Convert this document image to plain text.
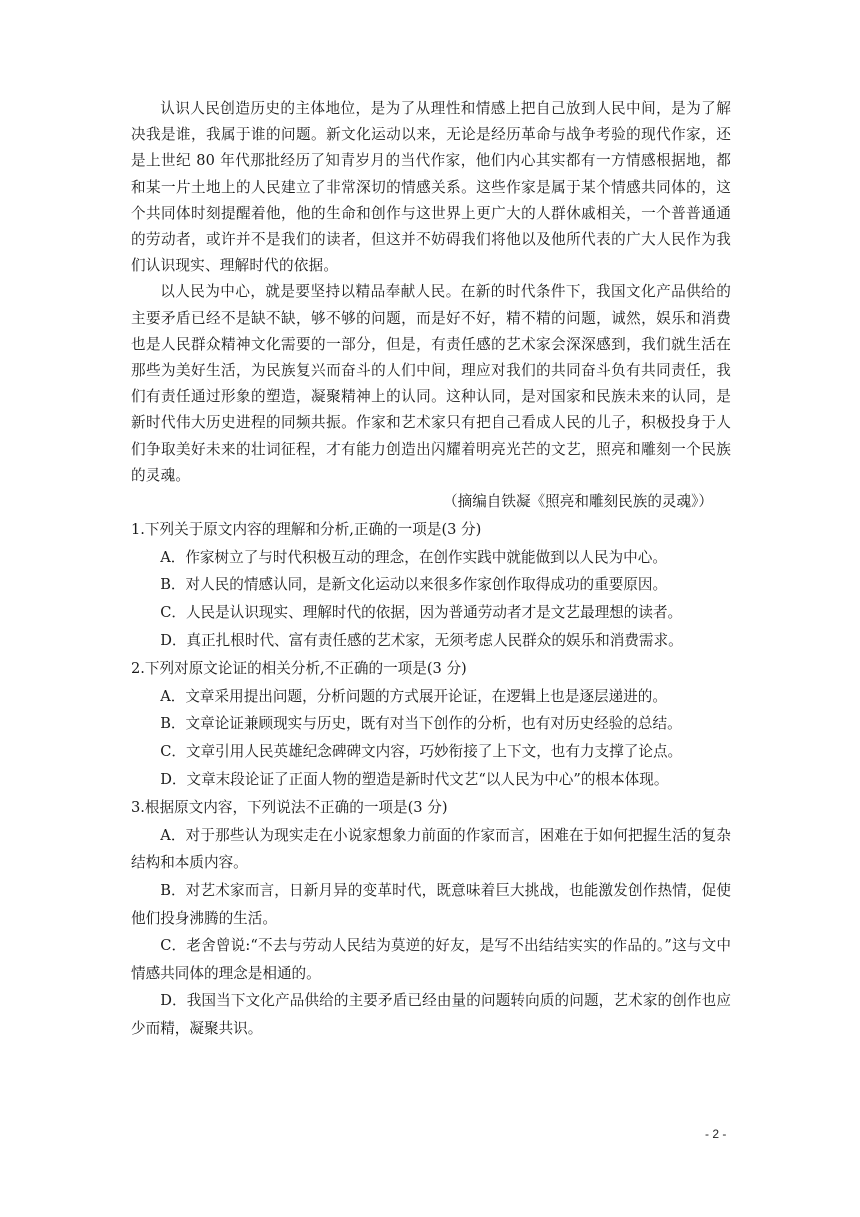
认识人民创造历史的主体地位，是为了从理性和情感上把自己放到人民中间，是为了解决我是谁，我属于谁的问题。新文化运动以来，无论是经历革命与战争考验的现代作家，还是上世纪 80 年代那批经历了知青岁月的当代作家，他们内心其实都有一方情感根据地，都和某一片土地上的人民建立了非常深切的情感关系。这些作家是属于某个情感共同体的，这个共同体时刻提醒着他，他的生命和创作与这世界上更广大的人群休戚相关，一个普普通通的劳动者，或许并不是我们的读者，但这并不妨碍我们将他以及他所代表的广大人民作为我们认识现实、理解时代的依据。

以人民为中心，就是要坚持以精品奉献人民。在新的时代条件下，我国文化产品供给的主要矛盾已经不是缺不缺，够不够的问题，而是好不好，精不精的问题，诚然，娱乐和消费也是人民群众精神文化需要的一部分，但是，有责任感的艺术家会深深感到，我们就生活在那些为美好生活，为民族复兴而奋斗的人们中间，理应对我们的共同奋斗负有共同责任，我们有责任通过形象的塑造，凝聚精神上的认同。这种认同，是对国家和民族未来的认同，是新时代伟大历史进程的同频共振。作家和艺术家只有把自己看成人民的儿子，积极投身于人们争取美好未来的壮词征程，才有能力创造出闪耀着明亮光芒的文艺，照亮和雕刻一个民族的灵魂。

（摘编自铁凝《照亮和雕刻民族的灵魂》）

1.下列关于原文内容的理解和分析,正确的一项是(3 分)

A．作家树立了与时代积极互动的理念，在创作实践中就能做到以人民为中心。

B．对人民的情感认同，是新文化运动以来很多作家创作取得成功的重要原因。

C．人民是认识现实、理解时代的依据，因为普通劳动者才是文艺最理想的读者。

D．真正扎根时代、富有责任感的艺术家，无须考虑人民群众的娱乐和消费需求。

2.下列对原文论证的相关分析,不正确的一项是(3 分)

A．文章采用提出问题，分析问题的方式展开论证，在逻辑上也是逐层递进的。

B．文章论证兼顾现实与历史，既有对当下创作的分析，也有对历史经验的总结。

C．文章引用人民英雄纪念碑碑文内容，巧妙衔接了上下文，也有力支撑了论点。

D．文章末段论证了正面人物的塑造是新时代文艺“以人民为中心”的根本体现。

3.根据原文内容，下列说法不正确的一项是(3 分)

A．对于那些认为现实走在小说家想象力前面的作家而言，困难在于如何把握生活的复杂结构和本质内容。

B．对艺术家而言，日新月异的变革时代，既意味着巨大挑战，也能激发创作热情，促使他们投身沸腾的生活。

C．老舍曾说:“不去与劳动人民结为莫逆的好友，是写不出结结实实的作品的。”这与文中情感共同体的理念是相通的。

D．我国当下文化产品供给的主要矛盾已经由量的问题转向质的问题，艺术家的创作也应少而精，凝聚共识。

- 2 -
